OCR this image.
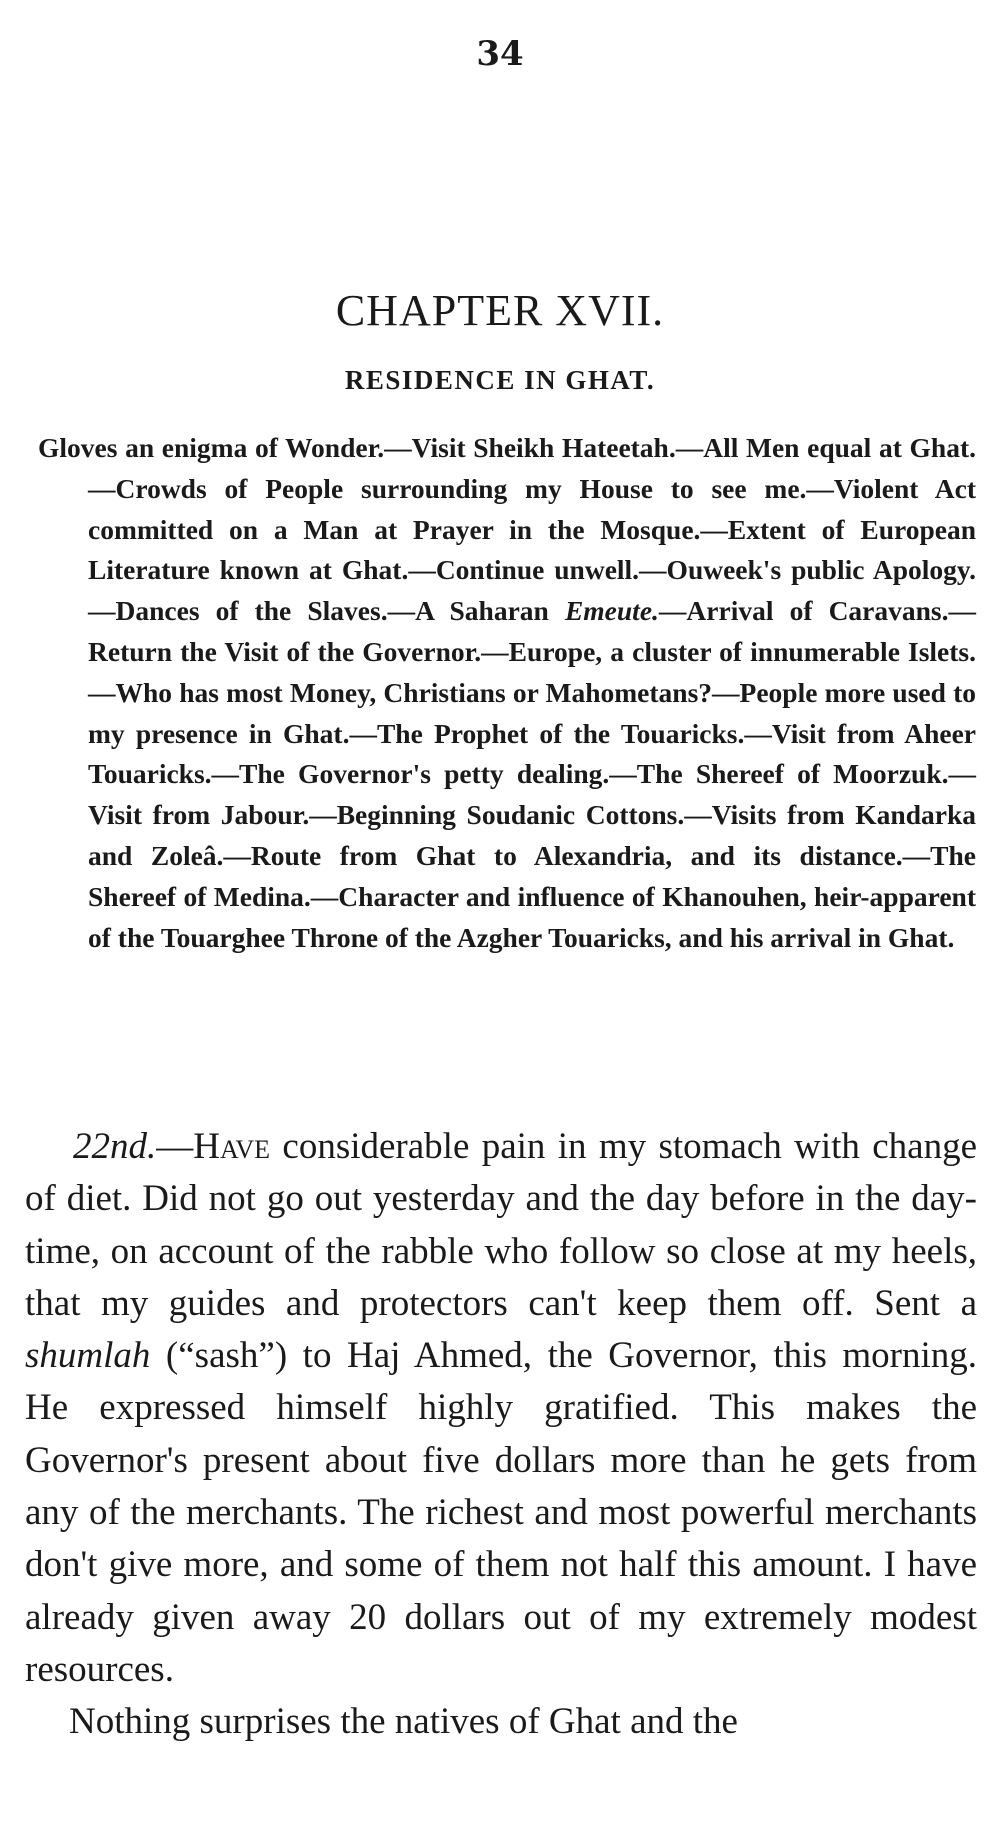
34
CHAPTER XVII.
RESIDENCE IN GHAT.
Gloves an enigma of Wonder.—Visit Sheikh Hateetah.—All Men equal at Ghat.—Crowds of People surrounding my House to see me.—Violent Act committed on a Man at Prayer in the Mosque.—Extent of European Literature known at Ghat.—Continue unwell.—Ouweek's public Apology.—Dances of the Slaves.—A Saharan Emeute.—Arrival of Caravans.—Return the Visit of the Governor.—Europe, a cluster of innumerable Islets.—Who has most Money, Christians or Mahometans?—People more used to my presence in Ghat.—The Prophet of the Touaricks.—Visit from Aheer Touaricks.—The Governor's petty dealing.—The Shereef of Moorzuk.—Visit from Jabour.—Beginning Soudanic Cottons.—Visits from Kandarka and Zoleâ.—Route from Ghat to Alexandria, and its distance.—The Shereef of Medina.—Character and influence of Khanouhen, heir-apparent of the Touarghee Throne of the Azgher Touaricks, and his arrival in Ghat.

22nd.—Have considerable pain in my stomach with change of diet. Did not go out yesterday and the day before in the day-time, on account of the rabble who follow so close at my heels, that my guides and protectors can't keep them off. Sent a shumlah (“sash”) to Haj Ahmed, the Governor, this morning. He expressed himself highly gratified. This makes the Governor's present about five dollars more than he gets from any of the merchants. The richest and most powerful merchants don't give more, and some of them not half this amount. I have already given away 20 dollars out of my extremely modest resources.

Nothing surprises the natives of Ghat and the
